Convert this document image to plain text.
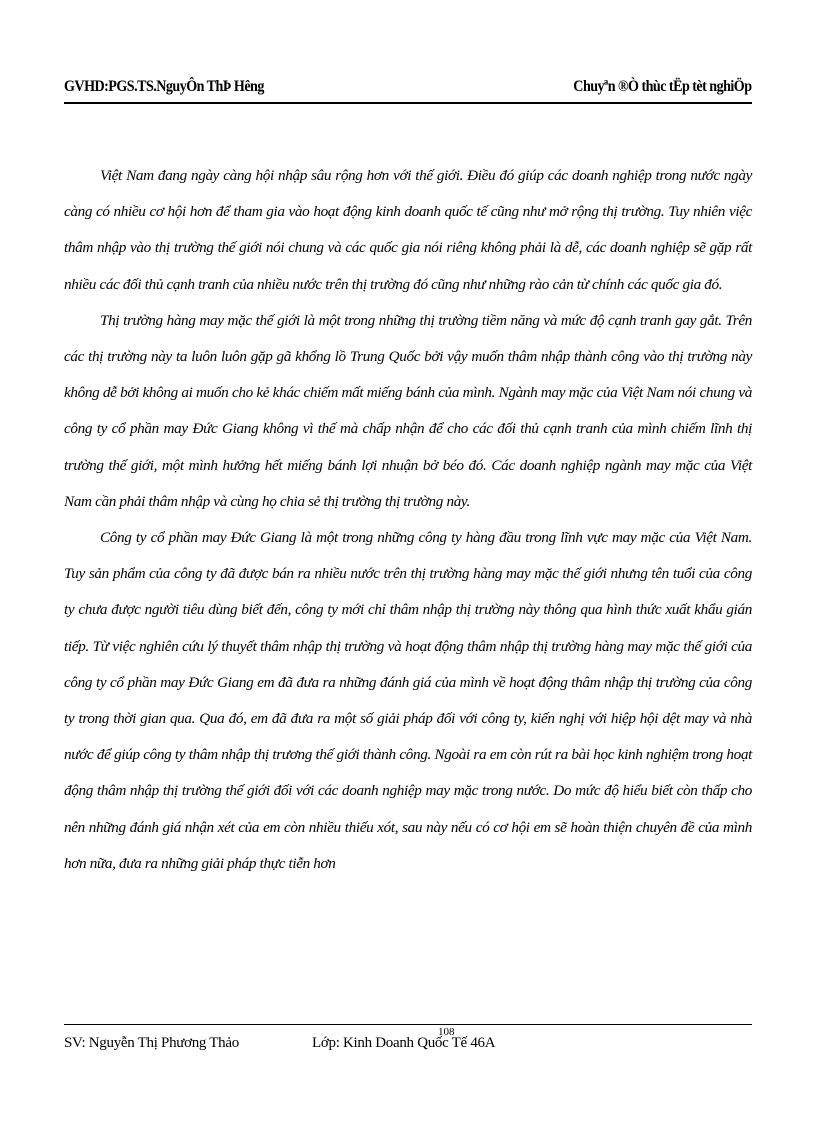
GVHD:PGS.TS.NguyÔn ThÞ Hêng	Chuyªn ®Ò thùc tËp tèt nghiÖp

Việt Nam đang ngày càng hội nhập sâu rộng hơn với thế giới. Điều đó giúp các doanh nghiệp trong nước ngày càng có nhiều cơ hội hơn để tham gia vào hoạt động kinh doanh quốc tế cũng như mở rộng thị trường. Tuy nhiên việc thâm nhập vào thị trường thế giới nói chung và các quốc gia nói riêng không phải là dễ, các doanh nghiệp sẽ gặp rất nhiều các đối thủ cạnh tranh của nhiều nước trên thị trường đó cũng như những rào cản từ chính các quốc gia đó.

Thị trường hàng may mặc thế giới là một trong những thị trường tiềm năng và mức độ cạnh tranh gay gắt. Trên các thị trường này ta luôn luôn gặp gã khổng lồ Trung Quốc bởi vậy muốn thâm nhập thành công vào thị trường này không dễ bởi không ai muốn cho kẻ khác chiếm mất miếng bánh của mình. Ngành may mặc của Việt Nam nói chung và công ty cổ phần may Đức Giang không vì thế mà chấp nhận để cho các đối thủ cạnh tranh của mình chiếm lĩnh thị trường thế giới, một mình hưởng hết miếng bánh lợi nhuận bở béo đó. Các doanh nghiệp ngành may mặc của Việt Nam cần phải thâm nhập và cùng họ chia sẻ thị trường thị trường này.

Công ty cổ phần may Đức Giang là một trong những công ty hàng đầu trong lĩnh vực may mặc của Việt Nam. Tuy sản phẩm của công ty đã được bán ra nhiều nước trên thị trường hàng may mặc thế giới nhưng tên tuổi của công ty chưa được người tiêu dùng biết đến, công ty mới chỉ thâm nhập thị trường này thông qua hình thức xuất khẩu gián tiếp. Từ việc nghiên cứu lý thuyết thâm nhập thị trường và hoạt động thâm nhập thị trường hàng may mặc thế giới của công ty cổ phần may Đức Giang em đã đưa ra những đánh giá của mình về hoạt động thâm nhập thị trường của công ty trong thời gian qua. Qua đó, em đã đưa ra một số giải pháp đối với công ty, kiến nghị với hiệp hội dệt may và nhà nước để giúp công ty thâm nhập thị trương thế giới thành công. Ngoài ra em còn rút ra bài học kinh nghiệm trong hoạt động thâm nhập thị trường thế giới đối với các doanh nghiệp may mặc trong nước. Do mức độ hiểu biết còn thấp cho nên những đánh giá nhận xét của em còn nhiều thiếu xót, sau này nếu có cơ hội em sẽ hoàn thiện chuyên đề của mình hơn nữa, đưa ra những giải pháp thực tiễn hơn

SV: Nguyễn Thị Phương Thảo
108
Lớp: Kinh Doanh Quốc Tế 46A
